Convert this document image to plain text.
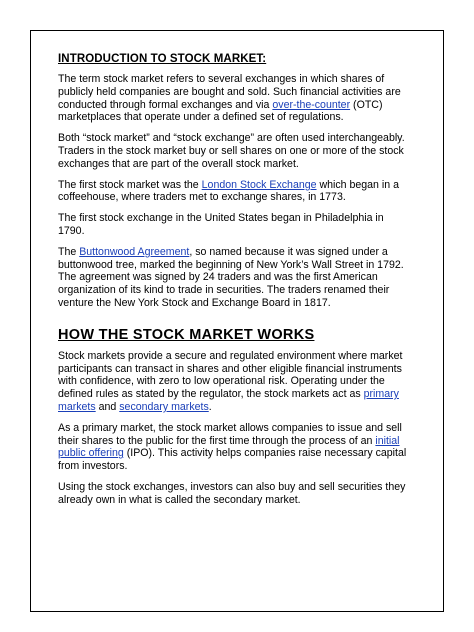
INTRODUCTION TO STOCK MARKET:

The term stock market refers to several exchanges in which shares of publicly held companies are bought and sold. Such financial activities are conducted through formal exchanges and via over-the-counter (OTC) marketplaces that operate under a defined set of regulations.

Both “stock market” and “stock exchange” are often used interchangeably. Traders in the stock market buy or sell shares on one or more of the stock exchanges that are part of the overall stock market.

The first stock market was the London Stock Exchange which began in a coffeehouse, where traders met to exchange shares, in 1773.

The first stock exchange in the United States began in Philadelphia in 1790.

The Buttonwood Agreement, so named because it was signed under a buttonwood tree, marked the beginning of New York’s Wall Street in 1792. The agreement was signed by 24 traders and was the first American organization of its kind to trade in securities. The traders renamed their venture the New York Stock and Exchange Board in 1817.

HOW THE STOCK MARKET WORKS

Stock markets provide a secure and regulated environment where market participants can transact in shares and other eligible financial instruments with confidence, with zero to low operational risk. Operating under the defined rules as stated by the regulator, the stock markets act as primary markets and secondary markets.

As a primary market, the stock market allows companies to issue and sell their shares to the public for the first time through the process of an initial public offering (IPO). This activity helps companies raise necessary capital from investors.

Using the stock exchanges, investors can also buy and sell securities they already own in what is called the secondary market.
